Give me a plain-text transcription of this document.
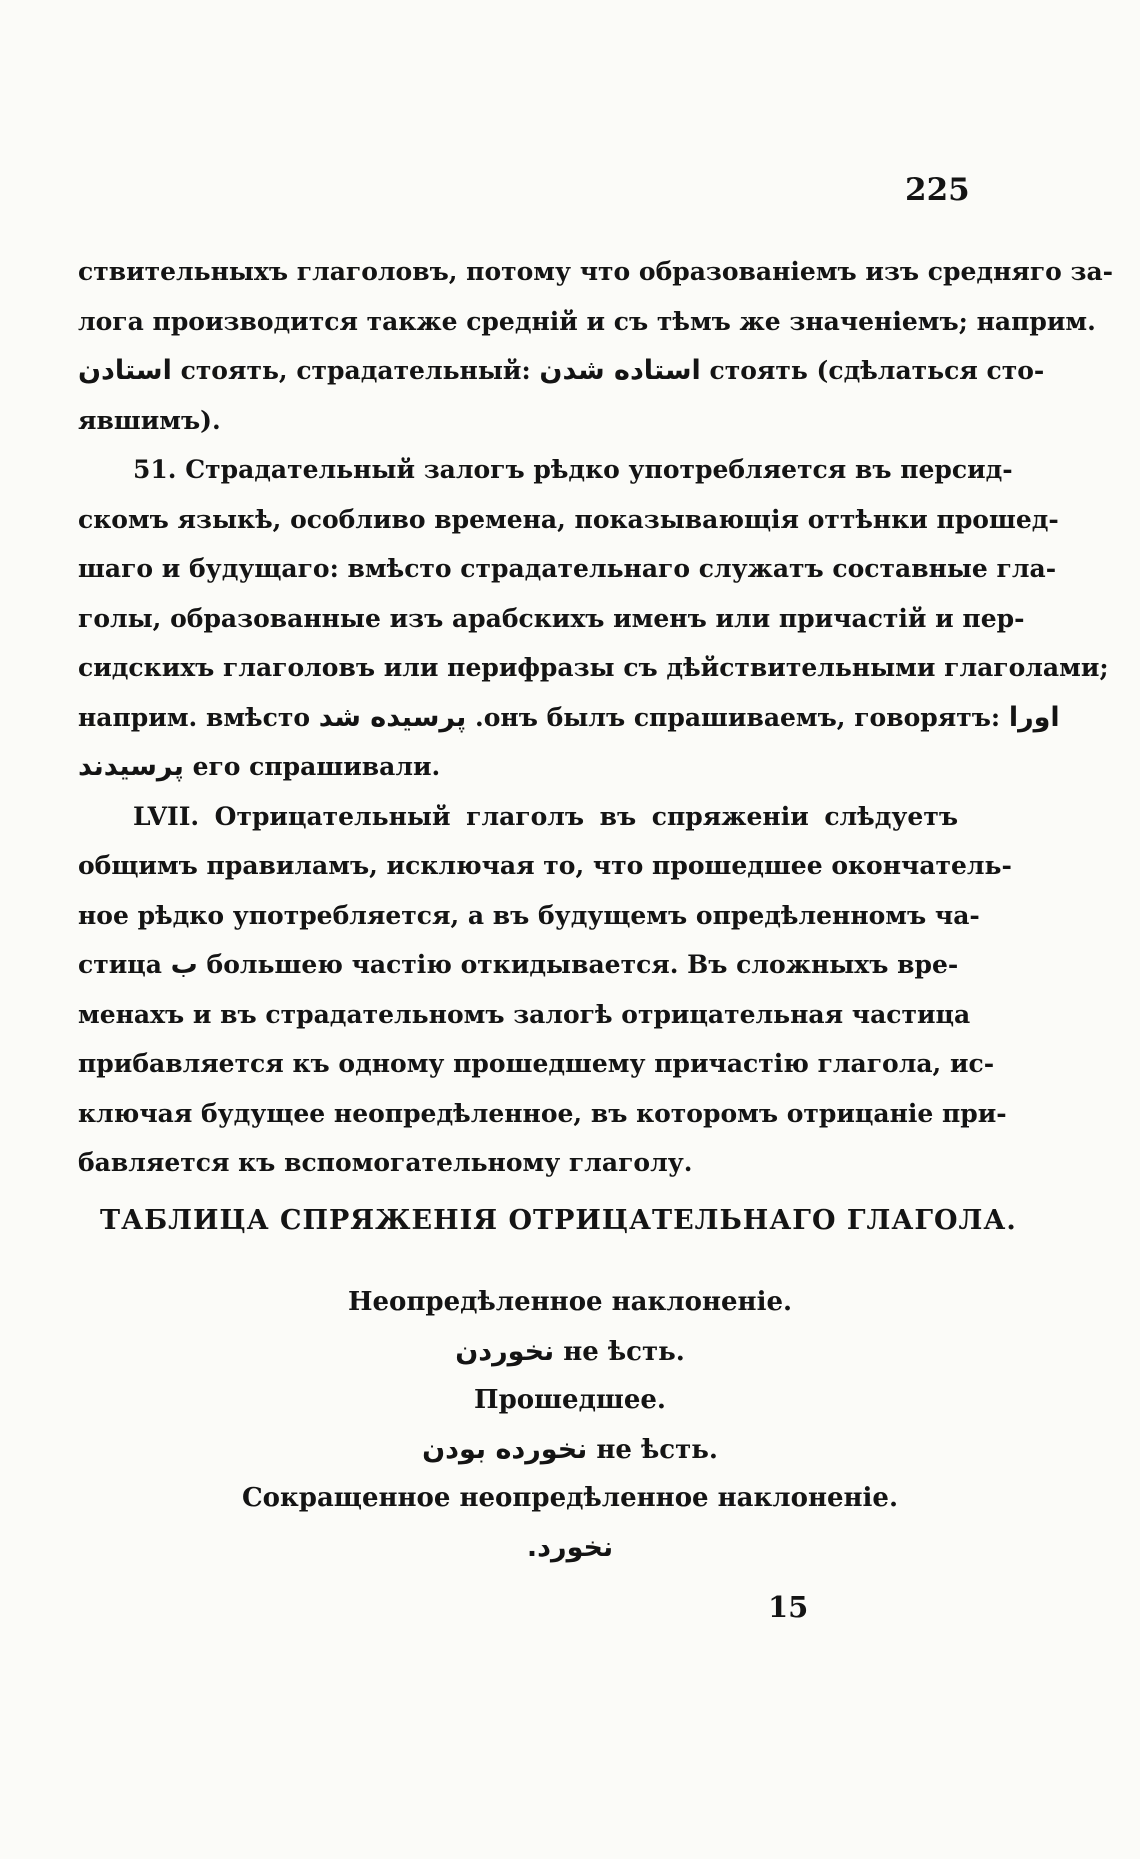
225
ствительныхъ глаголовъ, потому что образованіемъ изъ средняго за-
лога производится также средній и съ тѣмъ же значеніемъ; наприм.
استادن стоять, страдательный: استاده شدن стоять (сдѣлаться сто-
явшимъ).
51. Страдательный залогъ рѣдко употребляется въ персид-
скомъ языкѣ, особливо времена, показывающія оттѣнки прошед-
шаго и будущаго: вмѣсто страдательнаго служатъ составные гла-
голы, образованные изъ арабскихъ именъ или причастій и пер-
сидскихъ глаголовъ или перифразы съ дѣйствительными глаголами;
наприм. вмѣсто پرسیده شد .онъ былъ спрашиваемъ, говорятъ: اورا
پرسیدند его спрашивали.
LVII. Отрицательный глаголъ въ спряженіи слѣдуетъ
общимъ правиламъ, исключая то, что прошедшее окончатель-
ное рѣдко употребляется, а въ будущемъ опредѣленномъ ча-
стица ب большею частію откидывается. Въ сложныхъ вре-
менахъ и въ страдательномъ залогѣ отрицательная частица
прибавляется къ одному прошедшему причастію глагола, ис-
ключая будущее неопредѣленное, въ которомъ отрицаніе при-
бавляется къ вспомогательному глаголу.
ТАБЛИЦА СПРЯЖЕНІЯ ОТРИЦАТЕЛЬНАГО ГЛАГОЛА.
Неопредѣленное наклоненіе.
نخوردن не ѣсть.
Прошедшее.
نخورده بودن не ѣсть.
Сокращенное неопредѣленное наклоненіе.
نخورد.
15
